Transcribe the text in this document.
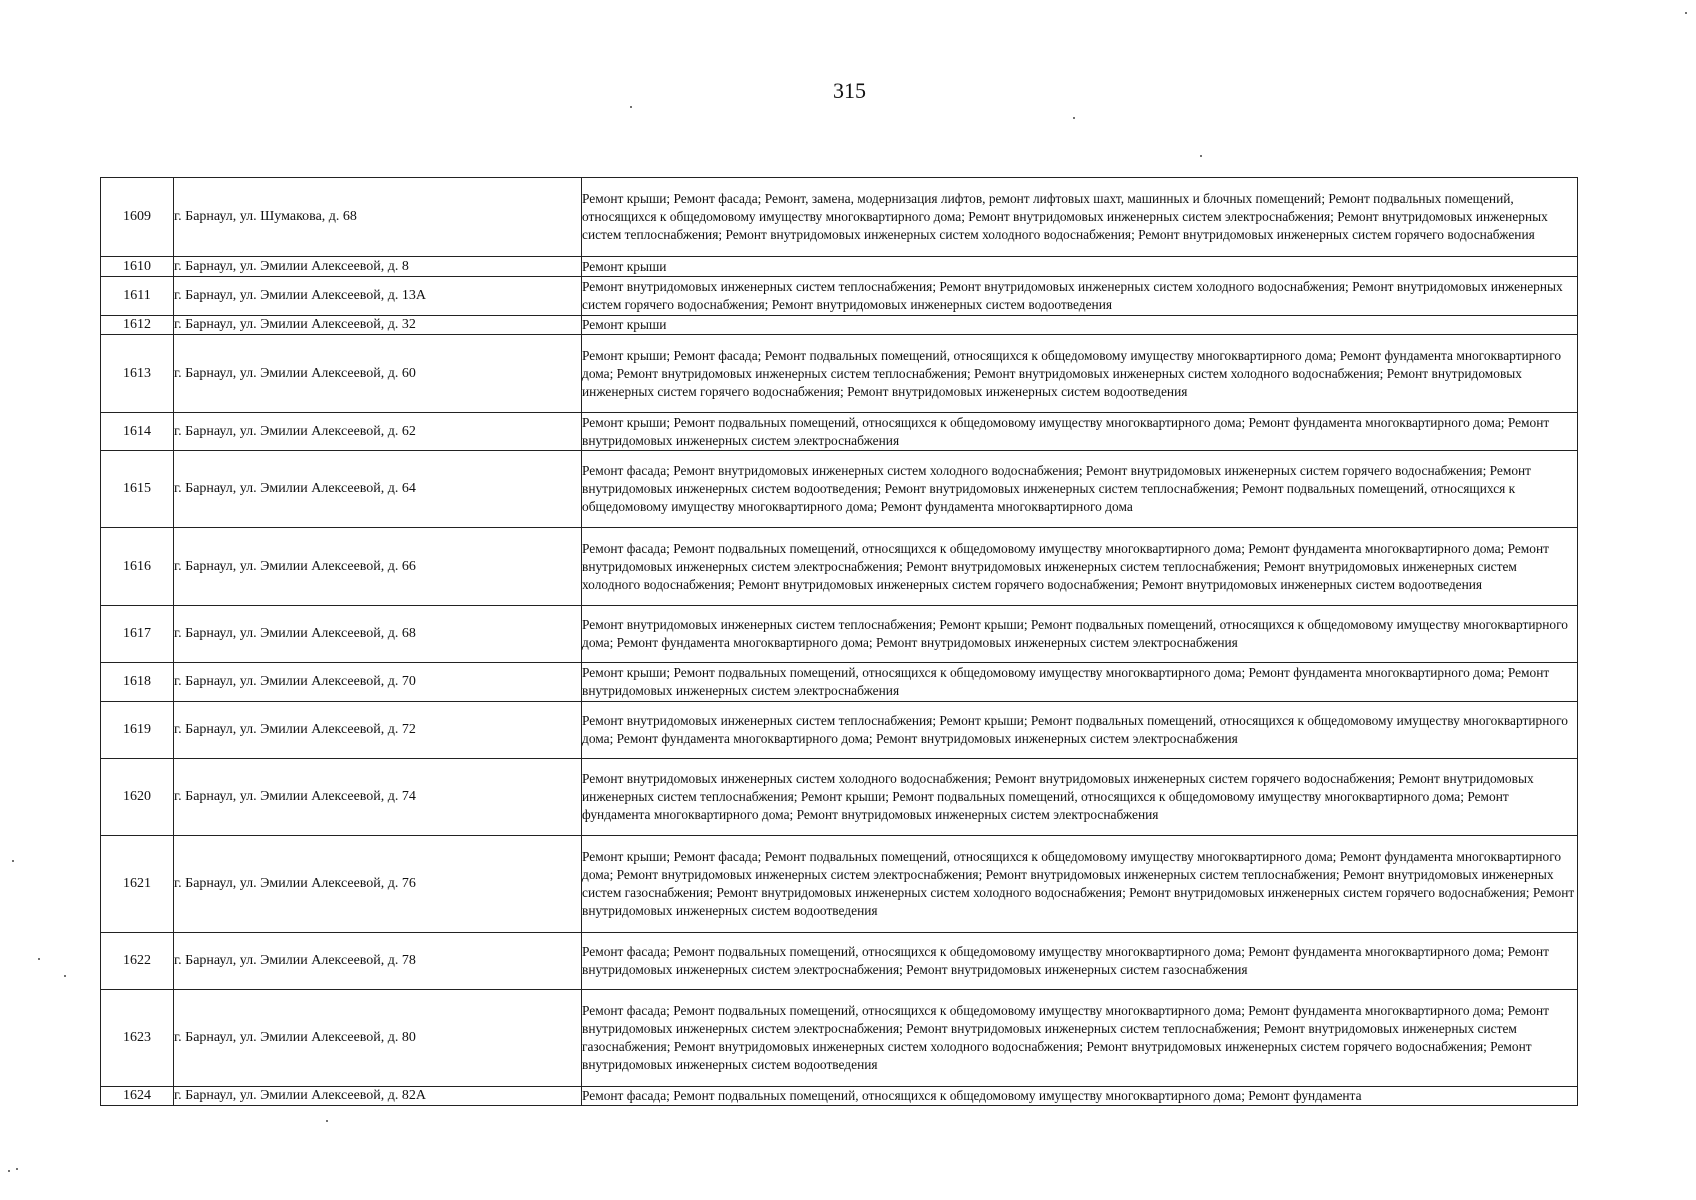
315
1609	г. Барнаул, ул. Шумакова, д. 68	Ремонт крыши; Ремонт фасада; Ремонт, замена, модернизация лифтов, ремонт лифтовых шахт, машинных и блочных помещений; Ремонт подвальных помещений, относящихся к общедомовому имуществу многоквартирного дома; Ремонт внутридомовых инженерных систем электроснабжения; Ремонт внутридомовых инженерных систем теплоснабжения; Ремонт внутридомовых инженерных систем холодного водоснабжения; Ремонт внутридомовых инженерных систем горячего водоснабжения
1610	г. Барнаул, ул. Эмилии Алексеевой, д. 8	Ремонт крыши
1611	г. Барнаул, ул. Эмилии Алексеевой, д. 13А	Ремонт внутридомовых инженерных систем теплоснабжения; Ремонт внутридомовых инженерных систем холодного водоснабжения; Ремонт внутридомовых инженерных систем горячего водоснабжения; Ремонт внутридомовых инженерных систем водоотведения
1612	г. Барнаул, ул. Эмилии Алексеевой, д. 32	Ремонт крыши
1613	г. Барнаул, ул. Эмилии Алексеевой, д. 60	Ремонт крыши; Ремонт фасада; Ремонт подвальных помещений, относящихся к общедомовому имуществу многоквартирного дома; Ремонт фундамента многоквартирного дома; Ремонт внутридомовых инженерных систем теплоснабжения; Ремонт внутридомовых инженерных систем холодного водоснабжения; Ремонт внутридомовых инженерных систем горячего водоснабжения; Ремонт внутридомовых инженерных систем водоотведения
1614	г. Барнаул, ул. Эмилии Алексеевой, д. 62	Ремонт крыши; Ремонт подвальных помещений, относящихся к общедомовому имуществу многоквартирного дома; Ремонт фундамента многоквартирного дома; Ремонт внутридомовых инженерных систем электроснабжения
1615	г. Барнаул, ул. Эмилии Алексеевой, д. 64	Ремонт фасада; Ремонт внутридомовых инженерных систем холодного водоснабжения; Ремонт внутридомовых инженерных систем горячего водоснабжения; Ремонт внутридомовых инженерных систем водоотведения; Ремонт внутридомовых инженерных систем теплоснабжения; Ремонт подвальных помещений, относящихся к общедомовому имуществу многоквартирного дома; Ремонт фундамента многоквартирного дома
1616	г. Барнаул, ул. Эмилии Алексеевой, д. 66	Ремонт фасада; Ремонт подвальных помещений, относящихся к общедомовому имуществу многоквартирного дома; Ремонт фундамента многоквартирного дома; Ремонт внутридомовых инженерных систем электроснабжения; Ремонт внутридомовых инженерных систем теплоснабжения; Ремонт внутридомовых инженерных систем холодного водоснабжения; Ремонт внутридомовых инженерных систем горячего водоснабжения; Ремонт внутридомовых инженерных систем водоотведения
1617	г. Барнаул, ул. Эмилии Алексеевой, д. 68	Ремонт внутридомовых инженерных систем теплоснабжения; Ремонт крыши; Ремонт подвальных помещений, относящихся к общедомовому имуществу многоквартирного дома; Ремонт фундамента многоквартирного дома; Ремонт внутридомовых инженерных систем электроснабжения
1618	г. Барнаул, ул. Эмилии Алексеевой, д. 70	Ремонт крыши; Ремонт подвальных помещений, относящихся к общедомовому имуществу многоквартирного дома; Ремонт фундамента многоквартирного дома; Ремонт внутридомовых инженерных систем электроснабжения
1619	г. Барнаул, ул. Эмилии Алексеевой, д. 72	Ремонт внутридомовых инженерных систем теплоснабжения; Ремонт крыши; Ремонт подвальных помещений, относящихся к общедомовому имуществу многоквартирного дома; Ремонт фундамента многоквартирного дома; Ремонт внутридомовых инженерных систем электроснабжения
1620	г. Барнаул, ул. Эмилии Алексеевой, д. 74	Ремонт внутридомовых инженерных систем холодного водоснабжения; Ремонт внутридомовых инженерных систем горячего водоснабжения; Ремонт внутридомовых инженерных систем теплоснабжения; Ремонт крыши; Ремонт подвальных помещений, относящихся к общедомовому имуществу многоквартирного дома; Ремонт фундамента многоквартирного дома; Ремонт внутридомовых инженерных систем электроснабжения
1621	г. Барнаул, ул. Эмилии Алексеевой, д. 76	Ремонт крыши; Ремонт фасада; Ремонт подвальных помещений, относящихся к общедомовому имуществу многоквартирного дома; Ремонт фундамента многоквартирного дома; Ремонт внутридомовых инженерных систем электроснабжения; Ремонт внутридомовых инженерных систем теплоснабжения; Ремонт внутридомовых инженерных систем газоснабжения; Ремонт внутридомовых инженерных систем холодного водоснабжения; Ремонт внутридомовых инженерных систем горячего водоснабжения; Ремонт внутридомовых инженерных систем водоотведения
1622	г. Барнаул, ул. Эмилии Алексеевой, д. 78	Ремонт фасада; Ремонт подвальных помещений, относящихся к общедомовому имуществу многоквартирного дома; Ремонт фундамента многоквартирного дома; Ремонт внутридомовых инженерных систем электроснабжения; Ремонт внутридомовых инженерных систем газоснабжения
1623	г. Барнаул, ул. Эмилии Алексеевой, д. 80	Ремонт фасада; Ремонт подвальных помещений, относящихся к общедомовому имуществу многоквартирного дома; Ремонт фундамента многоквартирного дома; Ремонт внутридомовых инженерных систем электроснабжения; Ремонт внутридомовых инженерных систем теплоснабжения; Ремонт внутридомовых инженерных систем газоснабжения; Ремонт внутридомовых инженерных систем холодного водоснабжения; Ремонт внутридомовых инженерных систем горячего водоснабжения; Ремонт внутридомовых инженерных систем водоотведения
1624	г. Барнаул, ул. Эмилии Алексеевой, д. 82А	Ремонт фасада; Ремонт подвальных помещений, относящихся к общедомовому имуществу многоквартирного дома; Ремонт фундамента
